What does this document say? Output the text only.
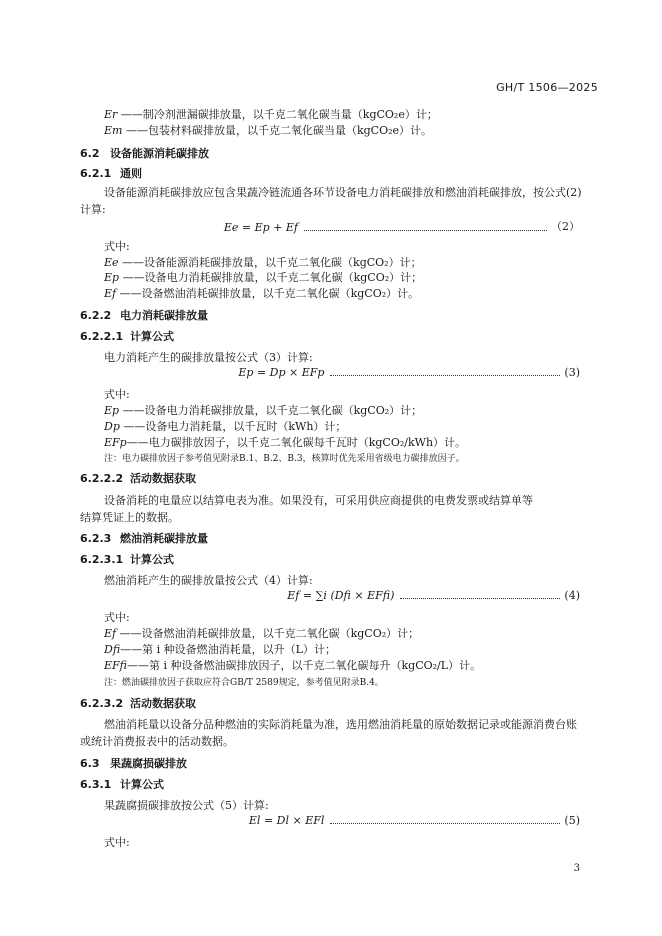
GH/T 1506—2025
Er ——制冷剂泄漏碳排放量，以千克二氧化碳当量（kgCO₂e）计；
Em ——包装材料碳排放量，以千克二氧化碳当量（kgCO₂e）计。
6.2 设备能源消耗碳排放
6.2.1 通则
设备能源消耗碳排放应包含果蔬冷链流通各环节设备电力消耗碳排放和燃油消耗碳排放，按公式(2)
计算:
Ee = Ep + Ef	（2）
式中:
Ee ——设备能源消耗碳排放量，以千克二氧化碳（kgCO₂）计；
Ep ——设备电力消耗碳排放量，以千克二氧化碳（kgCO₂）计；
Ef ——设备燃油消耗碳排放量，以千克二氧化碳（kgCO₂）计。
6.2.2 电力消耗碳排放量
6.2.2.1 计算公式
电力消耗产生的碳排放量按公式（3）计算:
Ep = Dp × EFp	(3)
式中:
Ep ——设备电力消耗碳排放量，以千克二氧化碳（kgCO₂）计；
Dp ——设备电力消耗量，以千瓦时（kWh）计；
EFp——电力碳排放因子，以千克二氧化碳每千瓦时（kgCO₂/kWh）计。
注：电力碳排放因子参考值见附录B.1、B.2、B.3，核算时优先采用省级电力碳排放因子。
6.2.2.2 活动数据获取
设备消耗的电量应以结算电表为准。如果没有，可采用供应商提供的电费发票或结算单等
结算凭证上的数据。
6.2.3 燃油消耗碳排放量
6.2.3.1 计算公式
燃油消耗产生的碳排放量按公式（4）计算:
Ef = ∑i (Dfi × EFfi)	(4)
式中:
Ef ——设备燃油消耗碳排放量，以千克二氧化碳（kgCO₂）计；
Dfi——第 i 种设备燃油消耗量，以升（L）计；
EFfi——第 i 种设备燃油碳排放因子，以千克二氧化碳每升（kgCO₂/L）计。
注：燃油碳排放因子获取应符合GB/T 2589规定，参考值见附录B.4。
6.2.3.2 活动数据获取
燃油消耗量以设备分品种燃油的实际消耗量为准，选用燃油消耗量的原始数据记录或能源消费台账
或统计消费报表中的活动数据。
6.3 果蔬腐损碳排放
6.3.1 计算公式
果蔬腐损碳排放按公式（5）计算:
El = Dl × EFl	(5)
式中:
3
